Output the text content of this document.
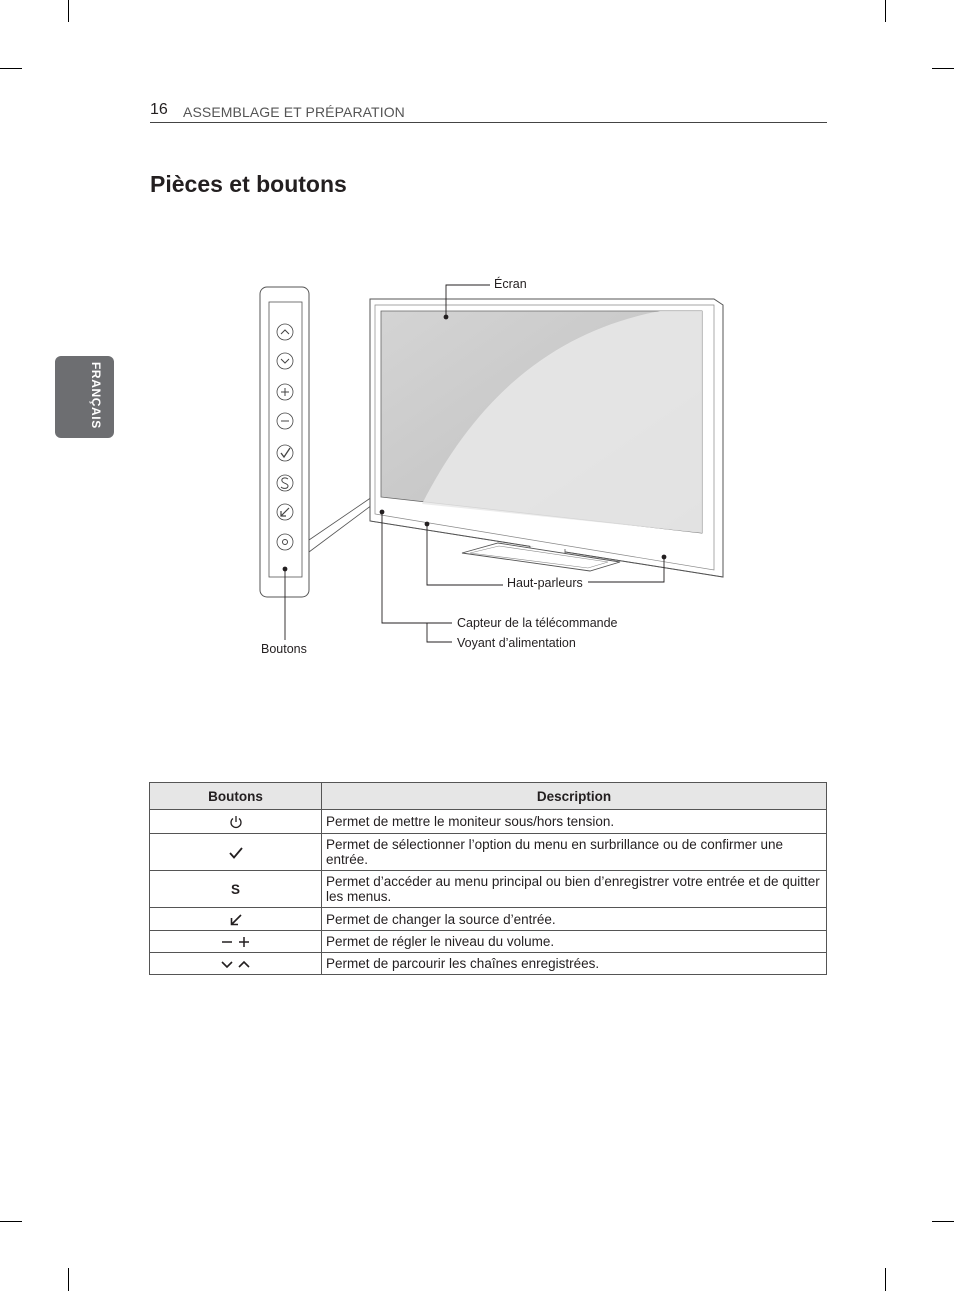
16 ASSEMBLAGE ET PRÉPARATION
Pièces et boutons
FRANÇAIS
Écran
Haut-parleurs
Capteur de la télécommande
Voyant d’alimentation
Boutons
Boutons	Description
	Permet de mettre le moniteur sous/hors tension.
	Permet de sélectionner l’option du menu en surbrillance ou de confirmer une entrée.
S	Permet d’accéder au menu principal ou bien d’enregistrer votre entrée et de quitter les menus.
	Permet de changer la source d’entrée.
	Permet de régler le niveau du volume.
	Permet de parcourir les chaînes enregistrées.
